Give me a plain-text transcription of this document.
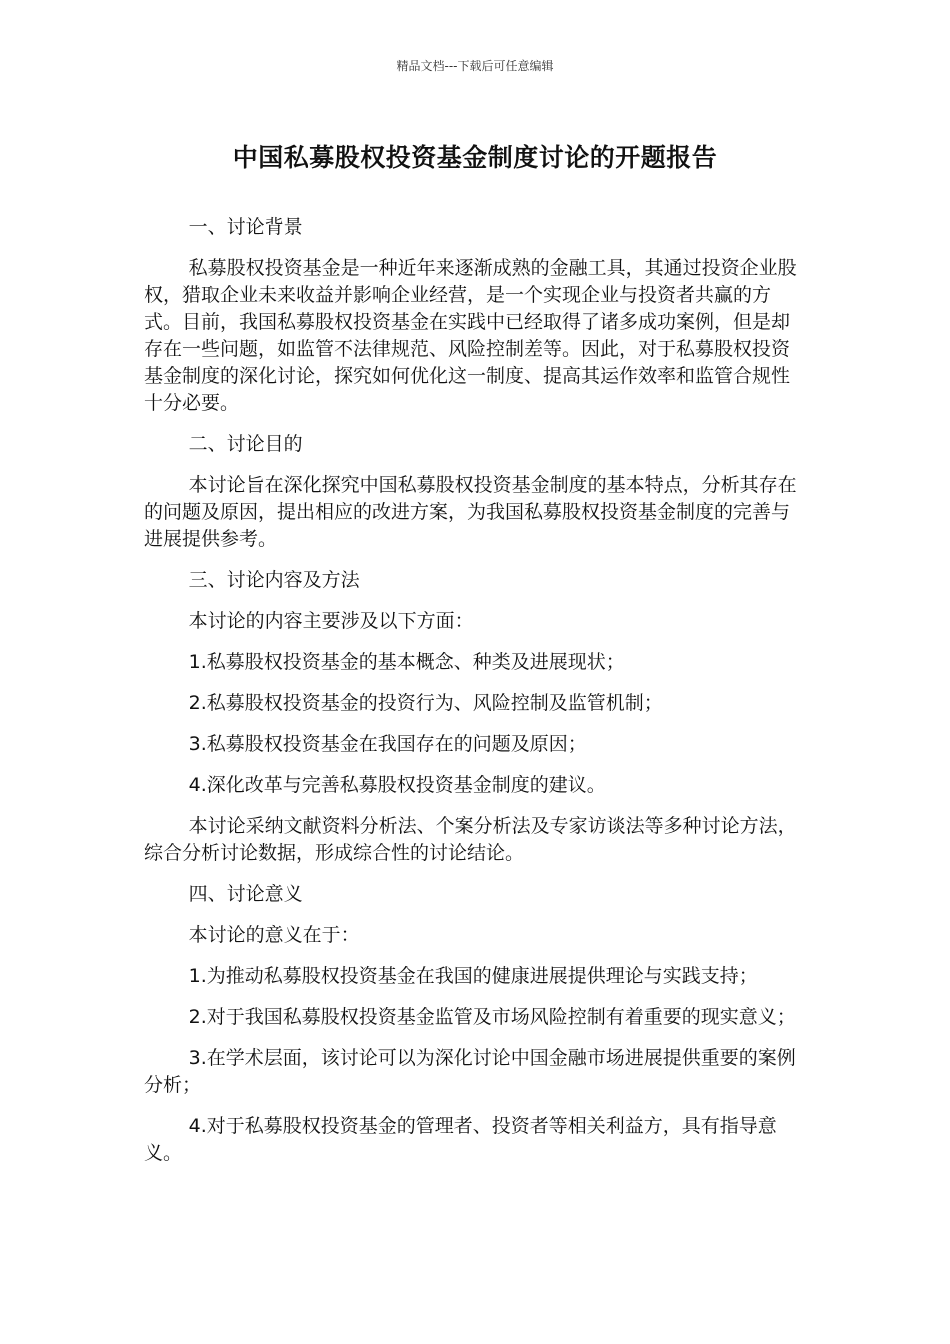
精品文档---下载后可任意编辑
中国私募股权投资基金制度讨论的开题报告

一、讨论背景

私募股权投资基金是一种近年来逐渐成熟的金融工具，其通过投资企业股权，猎取企业未来收益并影响企业经营，是一个实现企业与投资者共赢的方式。目前，我国私募股权投资基金在实践中已经取得了诸多成功案例，但是却存在一些问题，如监管不法律规范、风险控制差等。因此，对于私募股权投资基金制度的深化讨论，探究如何优化这一制度、提高其运作效率和监管合规性十分必要。

二、讨论目的

本讨论旨在深化探究中国私募股权投资基金制度的基本特点，分析其存在的问题及原因，提出相应的改进方案，为我国私募股权投资基金制度的完善与进展提供参考。

三、讨论内容及方法

本讨论的内容主要涉及以下方面：

1.私募股权投资基金的基本概念、种类及进展现状；

2.私募股权投资基金的投资行为、风险控制及监管机制；

3.私募股权投资基金在我国存在的问题及原因；

4.深化改革与完善私募股权投资基金制度的建议。

本讨论采纳文献资料分析法、个案分析法及专家访谈法等多种讨论方法，综合分析讨论数据，形成综合性的讨论结论。

四、讨论意义

本讨论的意义在于：

1.为推动私募股权投资基金在我国的健康进展提供理论与实践支持；

2.对于我国私募股权投资基金监管及市场风险控制有着重要的现实意义；

3.在学术层面，该讨论可以为深化讨论中国金融市场进展提供重要的案例分析；

4.对于私募股权投资基金的管理者、投资者等相关利益方，具有指导意义。
